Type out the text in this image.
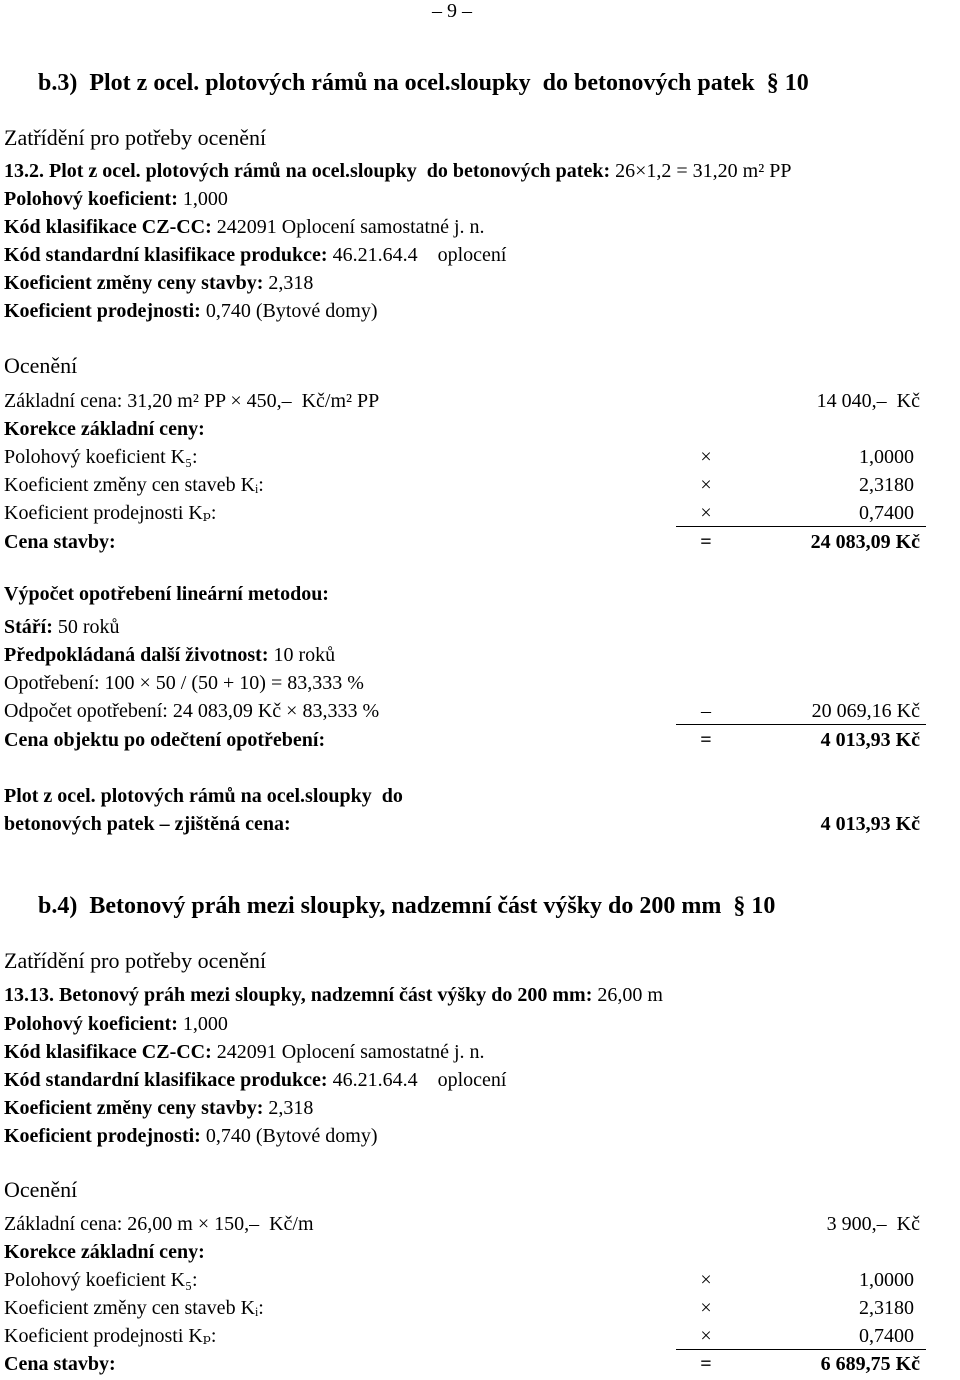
– 9 –
b.3)  Plot z ocel. plotových rámů na ocel.sloupky  do betonových patek  § 10
Zatřídění pro potřeby ocenění
13.2. Plot z ocel. plotových rámů na ocel.sloupky  do betonových patek: 26×1,2 = 31,20 m² PP
Polohový koeficient: 1,000
Kód klasifikace CZ-CC: 242091 Oplocení samostatné j. n.
Kód standardní klasifikace produkce: 46.21.64.4    oplocení
Koeficient změny ceny stavby: 2,318
Koeficient prodejnosti: 0,740 (Bytové domy)
Ocenění
Základní cena: 31,20 m² PP × 450,–  Kč/m² PP	14 040,–  Kč
Korekce základní ceny:
Polohový koeficient K₅:	×	1,0000
Koeficient změny cen staveb Kᵢ:	×	2,3180
Koeficient prodejnosti Kₚ:	×	0,7400
Cena stavby:	=	24 083,09 Kč
Výpočet opotřebení lineární metodou:
Stáří: 50 roků
Předpokládaná další životnost: 10 roků
Opotřebení: 100 × 50 / (50 + 10) = 83,333 %
Odpočet opotřebení: 24 083,09 Kč × 83,333 %	–	20 069,16 Kč
Cena objektu po odečtení opotřebení:	=	4 013,93 Kč
Plot z ocel. plotových rámů na ocel.sloupky  do
betonových patek – zjištěná cena:	4 013,93 Kč
b.4)  Betonový práh mezi sloupky, nadzemní část výšky do 200 mm  § 10
Zatřídění pro potřeby ocenění
13.13. Betonový práh mezi sloupky, nadzemní část výšky do 200 mm: 26,00 m
Polohový koeficient: 1,000
Kód klasifikace CZ-CC: 242091 Oplocení samostatné j. n.
Kód standardní klasifikace produkce: 46.21.64.4    oplocení
Koeficient změny ceny stavby: 2,318
Koeficient prodejnosti: 0,740 (Bytové domy)
Ocenění
Základní cena: 26,00 m × 150,–  Kč/m	3 900,–  Kč
Korekce základní ceny:
Polohový koeficient K₅:	×	1,0000
Koeficient změny cen staveb Kᵢ:	×	2,3180
Koeficient prodejnosti Kₚ:	×	0,7400
Cena stavby:	=	6 689,75 Kč
